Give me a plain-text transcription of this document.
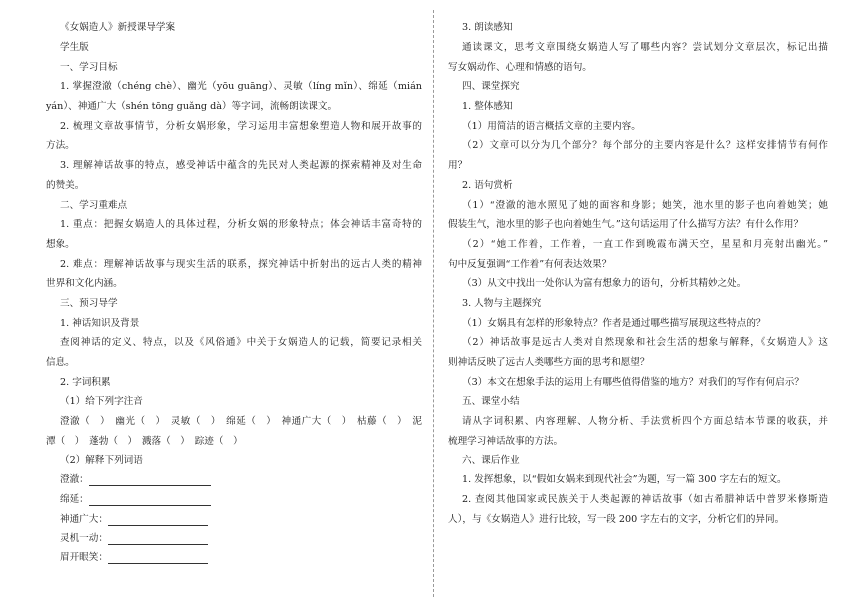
《女娲造人》新授课导学案
学生版
一、学习目标
1. 掌握澄澈（chéng chè）、幽光（yōu guāng）、灵敏（líng mǐn）、绵延（mián
yán）、神通广大（shén tōng guǎng dà）等字词，流畅朗读课文。
2. 梳理文章故事情节，分析女娲形象，学习运用丰富想象塑造人物和展开故事的
方法。
3. 理解神话故事的特点，感受神话中蕴含的先民对人类起源的探索精神及对生命
的赞美。
二、学习重难点
1. 重点：把握女娲造人的具体过程，分析女娲的形象特点；体会神话丰富奇特的
想象。
2. 难点：理解神话故事与现实生活的联系，探究神话中折射出的远古人类的精神
世界和文化内涵。
三、预习导学
1. 神话知识及背景
查阅神话的定义、特点，以及《风俗通》中关于女娲造人的记载，简要记录相关
信息。
2. 字词积累
（1）给下列字注音
澄澈（　）　幽光（　）　灵敏（　）　绵延（　）　神通广大（　）　枯藤（　）　泥
潭（　）　蓬勃（　）　溅落（　）　踪迹（　）
（2）解释下列词语
澄澈：
绵延：
神通广大：
灵机一动：
眉开眼笑：
3. 朗读感知
通读课文，思考文章围绕女娲造人写了哪些内容？尝试划分文章层次，标记出描
写女娲动作、心理和情感的语句。
四、课堂探究
1. 整体感知
（1）用简洁的语言概括文章的主要内容。
（2）文章可以分为几个部分？每个部分的主要内容是什么？这样安排情节有何作
用？
2. 语句赏析
（1）“澄澈的池水照见了她的面容和身影；她笑，池水里的影子也向着她笑；她
假装生气，池水里的影子也向着她生气。”这句话运用了什么描写方法？有什么作用？
（2）“她工作着，工作着，一直工作到晚霞布满天空，星星和月亮射出幽光。”
句中反复强调“工作着”有何表达效果？
（3）从文中找出一处你认为富有想象力的语句，分析其精妙之处。
3. 人物与主题探究
（1）女娲具有怎样的形象特点？作者是通过哪些描写展现这些特点的？
（2）神话故事是远古人类对自然现象和社会生活的想象与解释，《女娲造人》这
则神话反映了远古人类哪些方面的思考和愿望？
（3）本文在想象手法的运用上有哪些值得借鉴的地方？对我们的写作有何启示？
五、课堂小结
请从字词积累、内容理解、人物分析、手法赏析四个方面总结本节课的收获，并
梳理学习神话故事的方法。
六、课后作业
1. 发挥想象，以“假如女娲来到现代社会”为题，写一篇 300 字左右的短文。
2. 查阅其他国家或民族关于人类起源的神话故事（如古希腊神话中普罗米修斯造
人），与《女娲造人》进行比较，写一段 200 字左右的文字，分析它们的异同。
